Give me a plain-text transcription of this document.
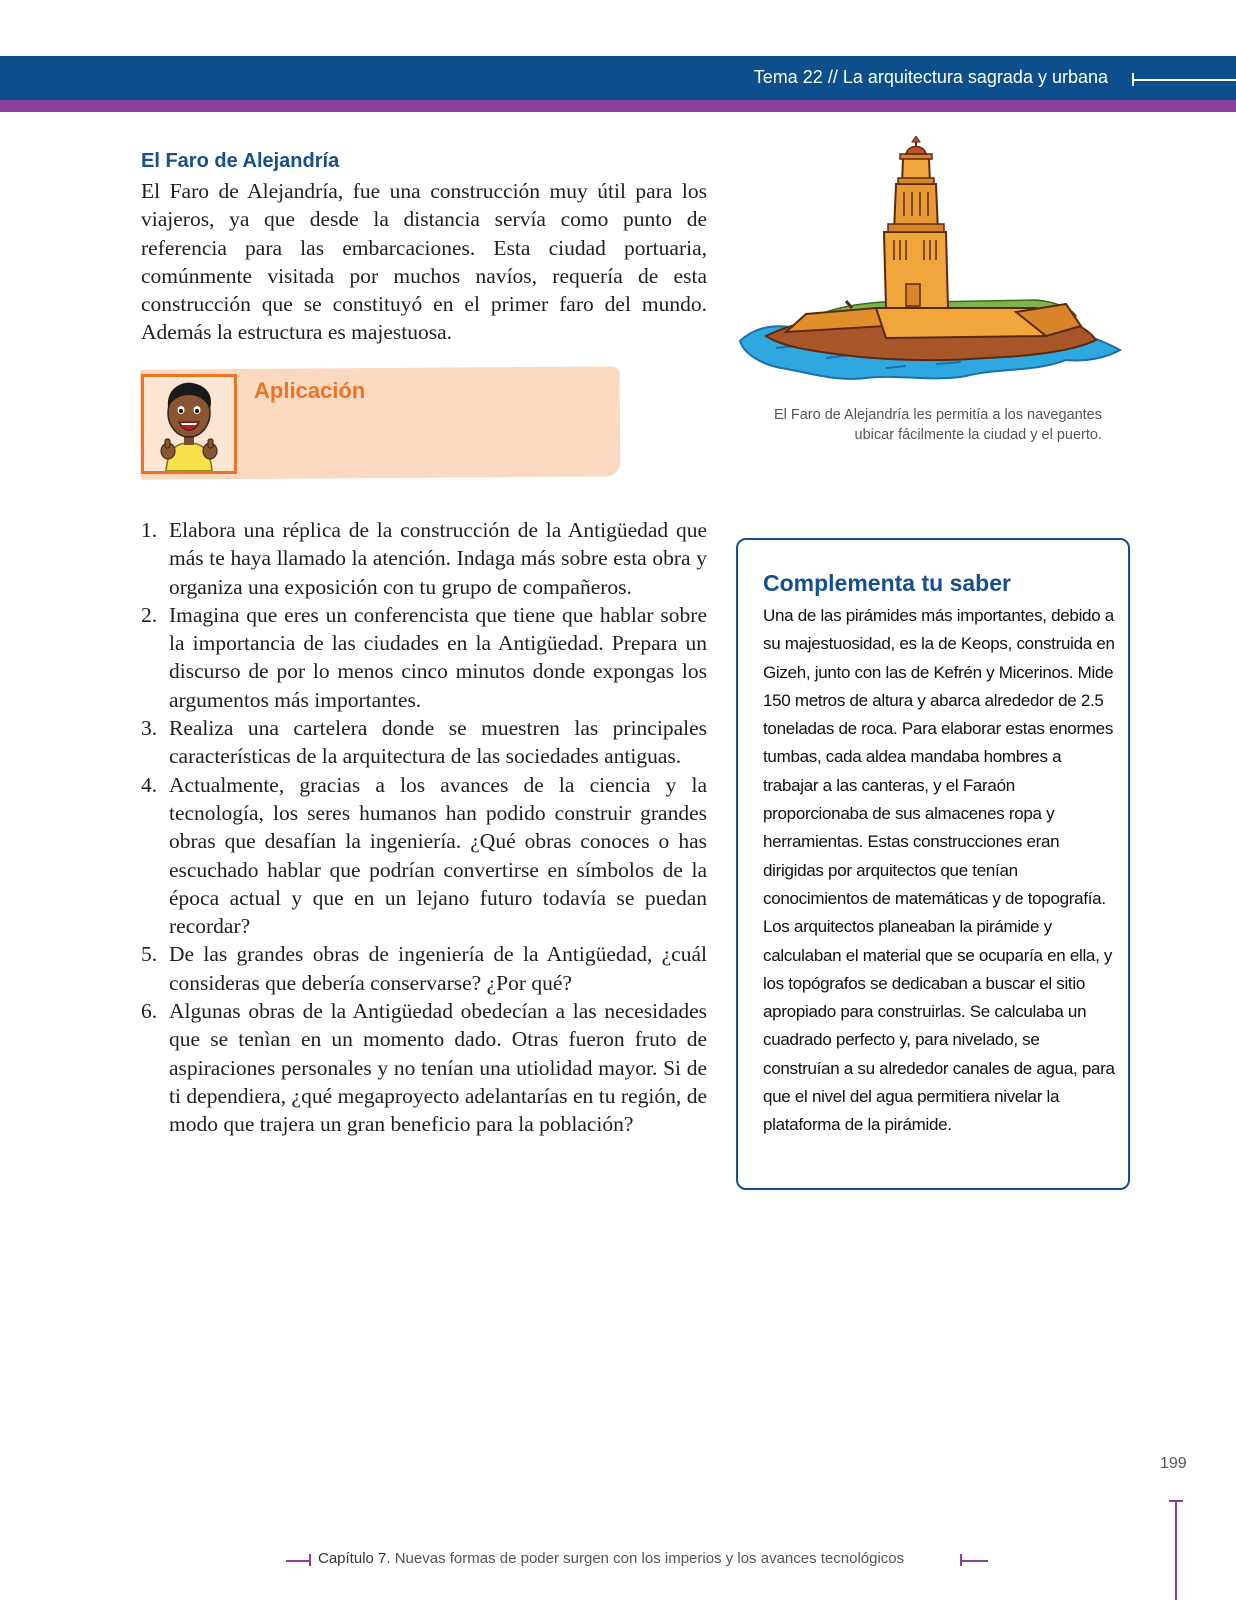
Tema 22 // La arquitectura sagrada y urbana
El Faro de Alejandría

El Faro de Alejandría, fue una construcción muy útil para los viajeros, ya que desde la distancia servía como punto de referencia para las embarcaciones. Esta ciudad portuaria, comúnmente visitada por muchos navíos, requería de esta construcción que se constituyó en el primer faro del mundo. Además la estructura es majestuosa.

Aplicación
El Faro de Alejandría les permitía a los navegantes
ubicar fácilmente la ciudad y el puerto.
1. Elabora una réplica de la construcción de la Antigüedad que más te haya llamado la atención. Indaga más sobre esta obra y organiza una exposición con tu grupo de compañeros.
2. Imagina que eres un conferencista que tiene que hablar sobre la importancia de las ciudades en la Antigüedad. Prepara un discurso de por lo menos cinco minutos donde expongas los argumentos más importantes.
3. Realiza una cartelera donde se muestren las principales características de la arquitectura de las sociedades antiguas.
4. Actualmente, gracias a los avances de la ciencia y la tecnología, los seres humanos han podido construir grandes obras que desafían la ingeniería. ¿Qué obras conoces o has escuchado hablar que podrían convertirse en símbolos de la época actual y que en un lejano futuro todavía se puedan recordar?
5. De las grandes obras de ingeniería de la Antigüedad, ¿cuál consideras que debería conservarse? ¿Por qué?
6. Algunas obras de la Antigüedad obedecían a las necesidades que se tenìan en un momento dado. Otras fueron fruto de aspiraciones personales y no tenían una utiolidad mayor. Si de ti dependiera, ¿qué megaproyecto adelantarías en tu región, de modo que trajera un gran beneficio para la población?
Complementa tu saber

Una de las pirámides más importantes, debido a su majestuosidad, es la de Keops, construida en Gizeh, junto con las de Kefrén y Micerinos. Mide 150 metros de altura y abarca alrededor de 2.5 toneladas de roca. Para elaborar estas enormes tumbas, cada aldea mandaba hombres a trabajar a las canteras, y el Faraón proporcionaba de sus almacenes ropa y herramientas. Estas construcciones eran dirigidas por arquitectos que tenían conocimientos de matemáticas y de topografía.

Los arquitectos planeaban la pirámide y calculaban el material que se ocuparía en ella, y los topógrafos se dedicaban a buscar el sitio apropiado para construirlas. Se calculaba un cuadrado perfecto y, para nivelado, se construían a su alrededor canales de agua, para que el nivel del agua permitiera nivelar la plataforma de la pirámide.

199
Capítulo 7. Nuevas formas de poder surgen con los imperios y los avances tecnológicos
